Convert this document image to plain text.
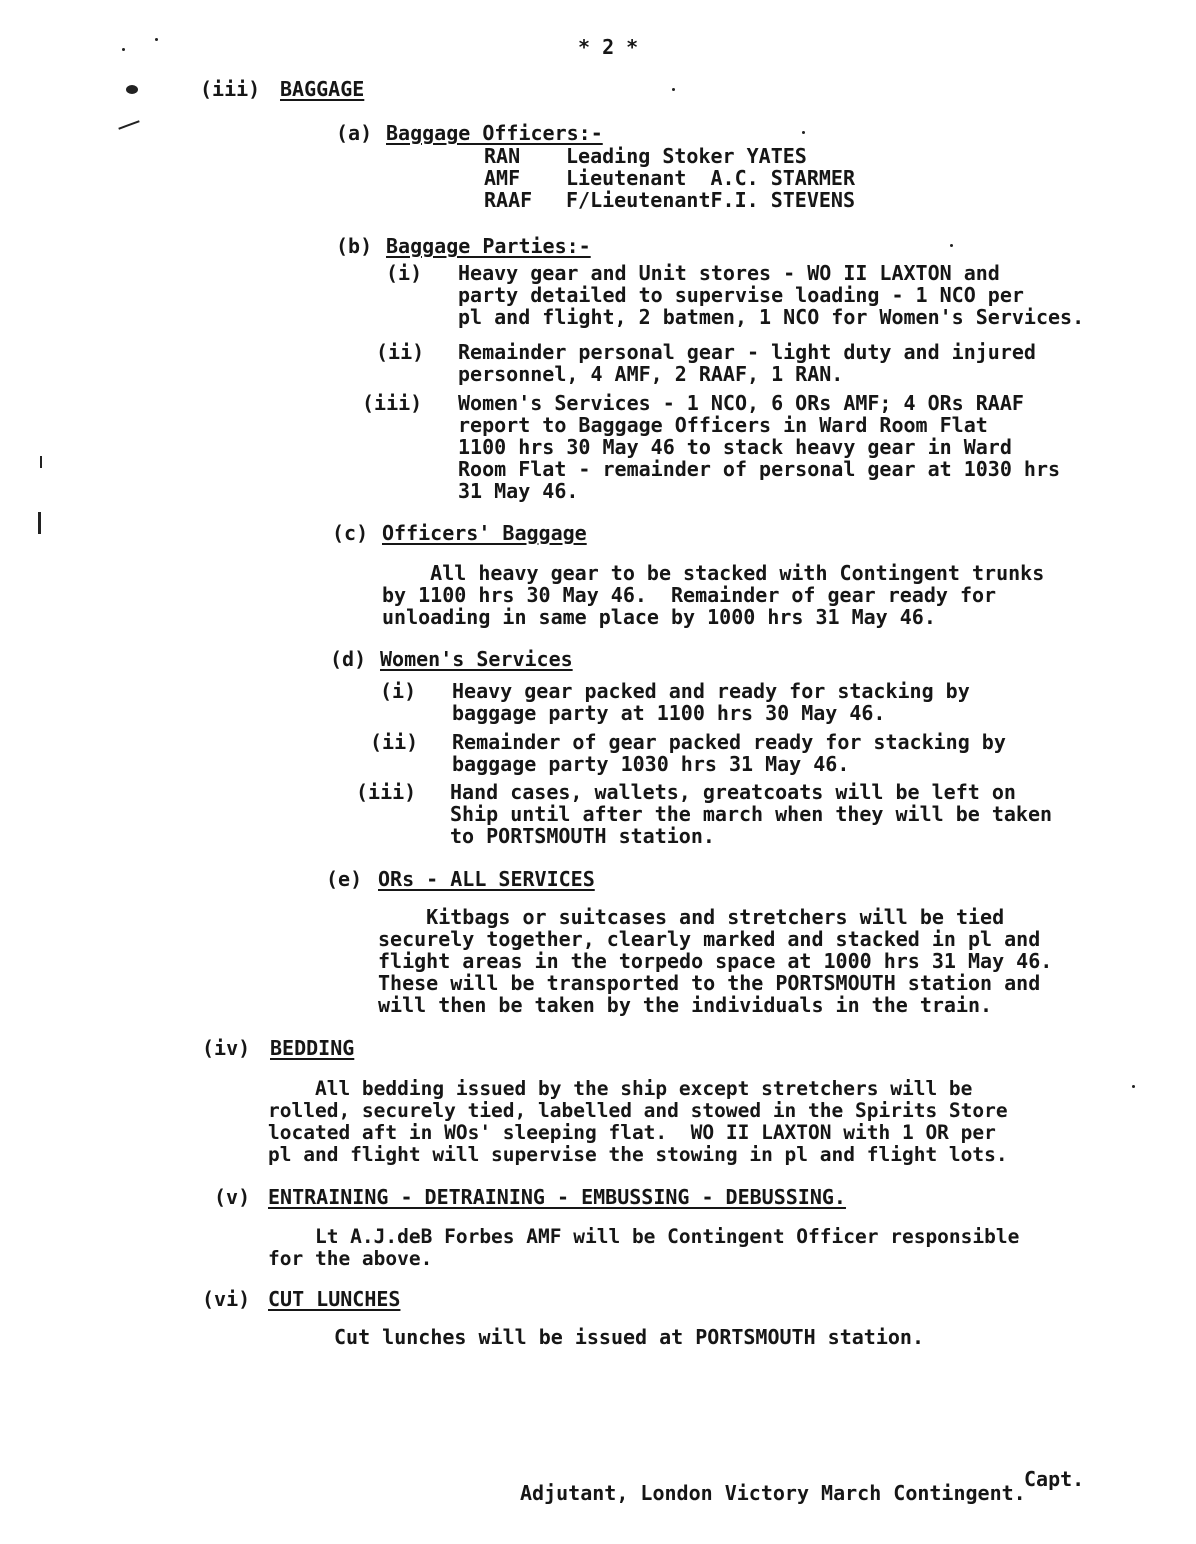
* 2 *
(iii) BAGGAGE
(a) Baggage Officers:-
RAN Leading Stoker YATES
AMF Lieutenant  A.C. STARMER
RAAF F/LieutenantF.I. STEVENS
(b) Baggage Parties:-
(i) Heavy gear and Unit stores - WO II LAXTON and
party detailed to supervise loading - 1 NCO per
pl and flight, 2 batmen, 1 NCO for Women's Services.
(ii) Remainder personal gear - light duty and injured
personnel, 4 AMF, 2 RAAF, 1 RAN.
(iii) Women's Services - 1 NCO, 6 ORs AMF; 4 ORs RAAF
report to Baggage Officers in Ward Room Flat
1100 hrs 30 May 46 to stack heavy gear in Ward
Room Flat - remainder of personal gear at 1030 hrs
31 May 46.
(c) Officers' Baggage
All heavy gear to be stacked with Contingent trunks
by 1100 hrs 30 May 46.  Remainder of gear ready for
unloading in same place by 1000 hrs 31 May 46.
(d) Women's Services
(i) Heavy gear packed and ready for stacking by
baggage party at 1100 hrs 30 May 46.
(ii) Remainder of gear packed ready for stacking by
baggage party 1030 hrs 31 May 46.
(iii) Hand cases, wallets, greatcoats will be left on
Ship until after the march when they will be taken
to PORTSMOUTH station.
(e) ORs - ALL SERVICES
Kitbags or suitcases and stretchers will be tied
securely together, clearly marked and stacked in pl and
flight areas in the torpedo space at 1000 hrs 31 May 46.
These will be transported to the PORTSMOUTH station and
will then be taken by the individuals in the train.
(iv) BEDDING
All bedding issued by the ship except stretchers will be
rolled, securely tied, labelled and stowed in the Spirits Store
located aft in WOs' sleeping flat.  WO II LAXTON with 1 OR per
pl and flight will supervise the stowing in pl and flight lots.
(v) ENTRAINING - DETRAINING - EMBUSSING - DEBUSSING.
Lt A.J.deB Forbes AMF will be Contingent Officer responsible
for the above.
(vi) CUT LUNCHES
Cut lunches will be issued at PORTSMOUTH station.
Capt.
Adjutant, London Victory March Contingent.
